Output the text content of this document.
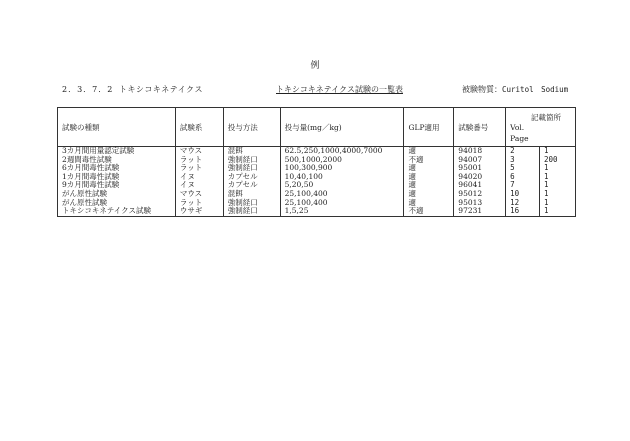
例
2．3．7．2 トキシコキネテイクス	トキシコキネテイクス試験の一覧表	被験物質：Curitol　Sodium
試験の種類	試験系	投与方法	投与量(mg／kg)	GLP適用	試験番号	記載箇所
Vol.
Page	

3カ月間用量認定試験	マウス	混餌	62.5,250,1000,4000,7000	適	94018	2	1
2週間毒性試験	ラット	強制経口	500,1000,2000	不適	94007	3	200
6カ月間毒性試験	ラット	強制経口	100,300,900	適	95001	5	1
1カ月間毒性試験	イヌ	カプセル	10,40,100	適	94020	6	1
9カ月間毒性試験	イヌ	カプセル	5,20,50	適	96041	7	1
がん原性試験	マウス	混餌	25,100,400	適	95012	10	1
がん原性試験	ラット	強制経口	25,100,400	適	95013	12	1
トキシコキネテイクス試験	ウサギ	強制経口	1,5,25	不適	97231	16	1
